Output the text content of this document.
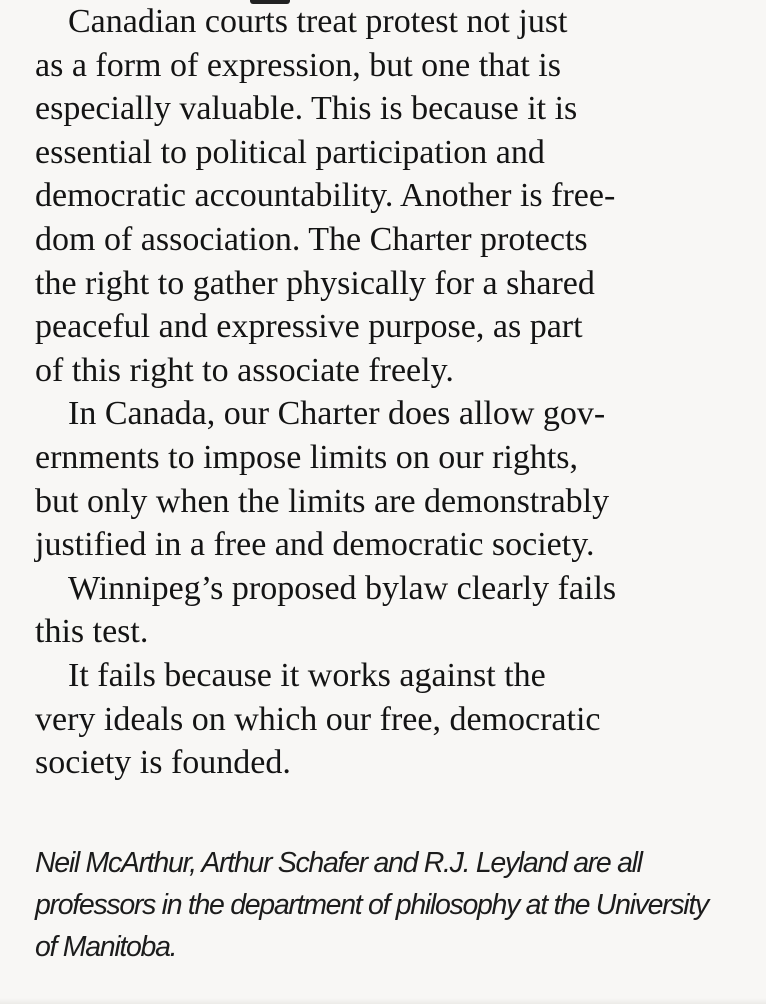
Canadian courts treat protest not just
as a form of expression, but one that is
especially valuable. This is because it is
essential to political participation and
democratic accountability. Another is free-
dom of association. The Charter protects
the right to gather physically for a shared
peaceful and expressive purpose, as part
of this right to associate freely.
In Canada, our Charter does allow gov-
ernments to impose limits on our rights,
but only when the limits are demonstrably
justified in a free and democratic society.
Winnipeg’s proposed bylaw clearly fails
this test.
It fails because it works against the
very ideals on which our free, democratic
society is founded.
Neil McArthur, Arthur Schafer and R.J. Leyland are all
professors in the department of philosophy at the University
of Manitoba.
